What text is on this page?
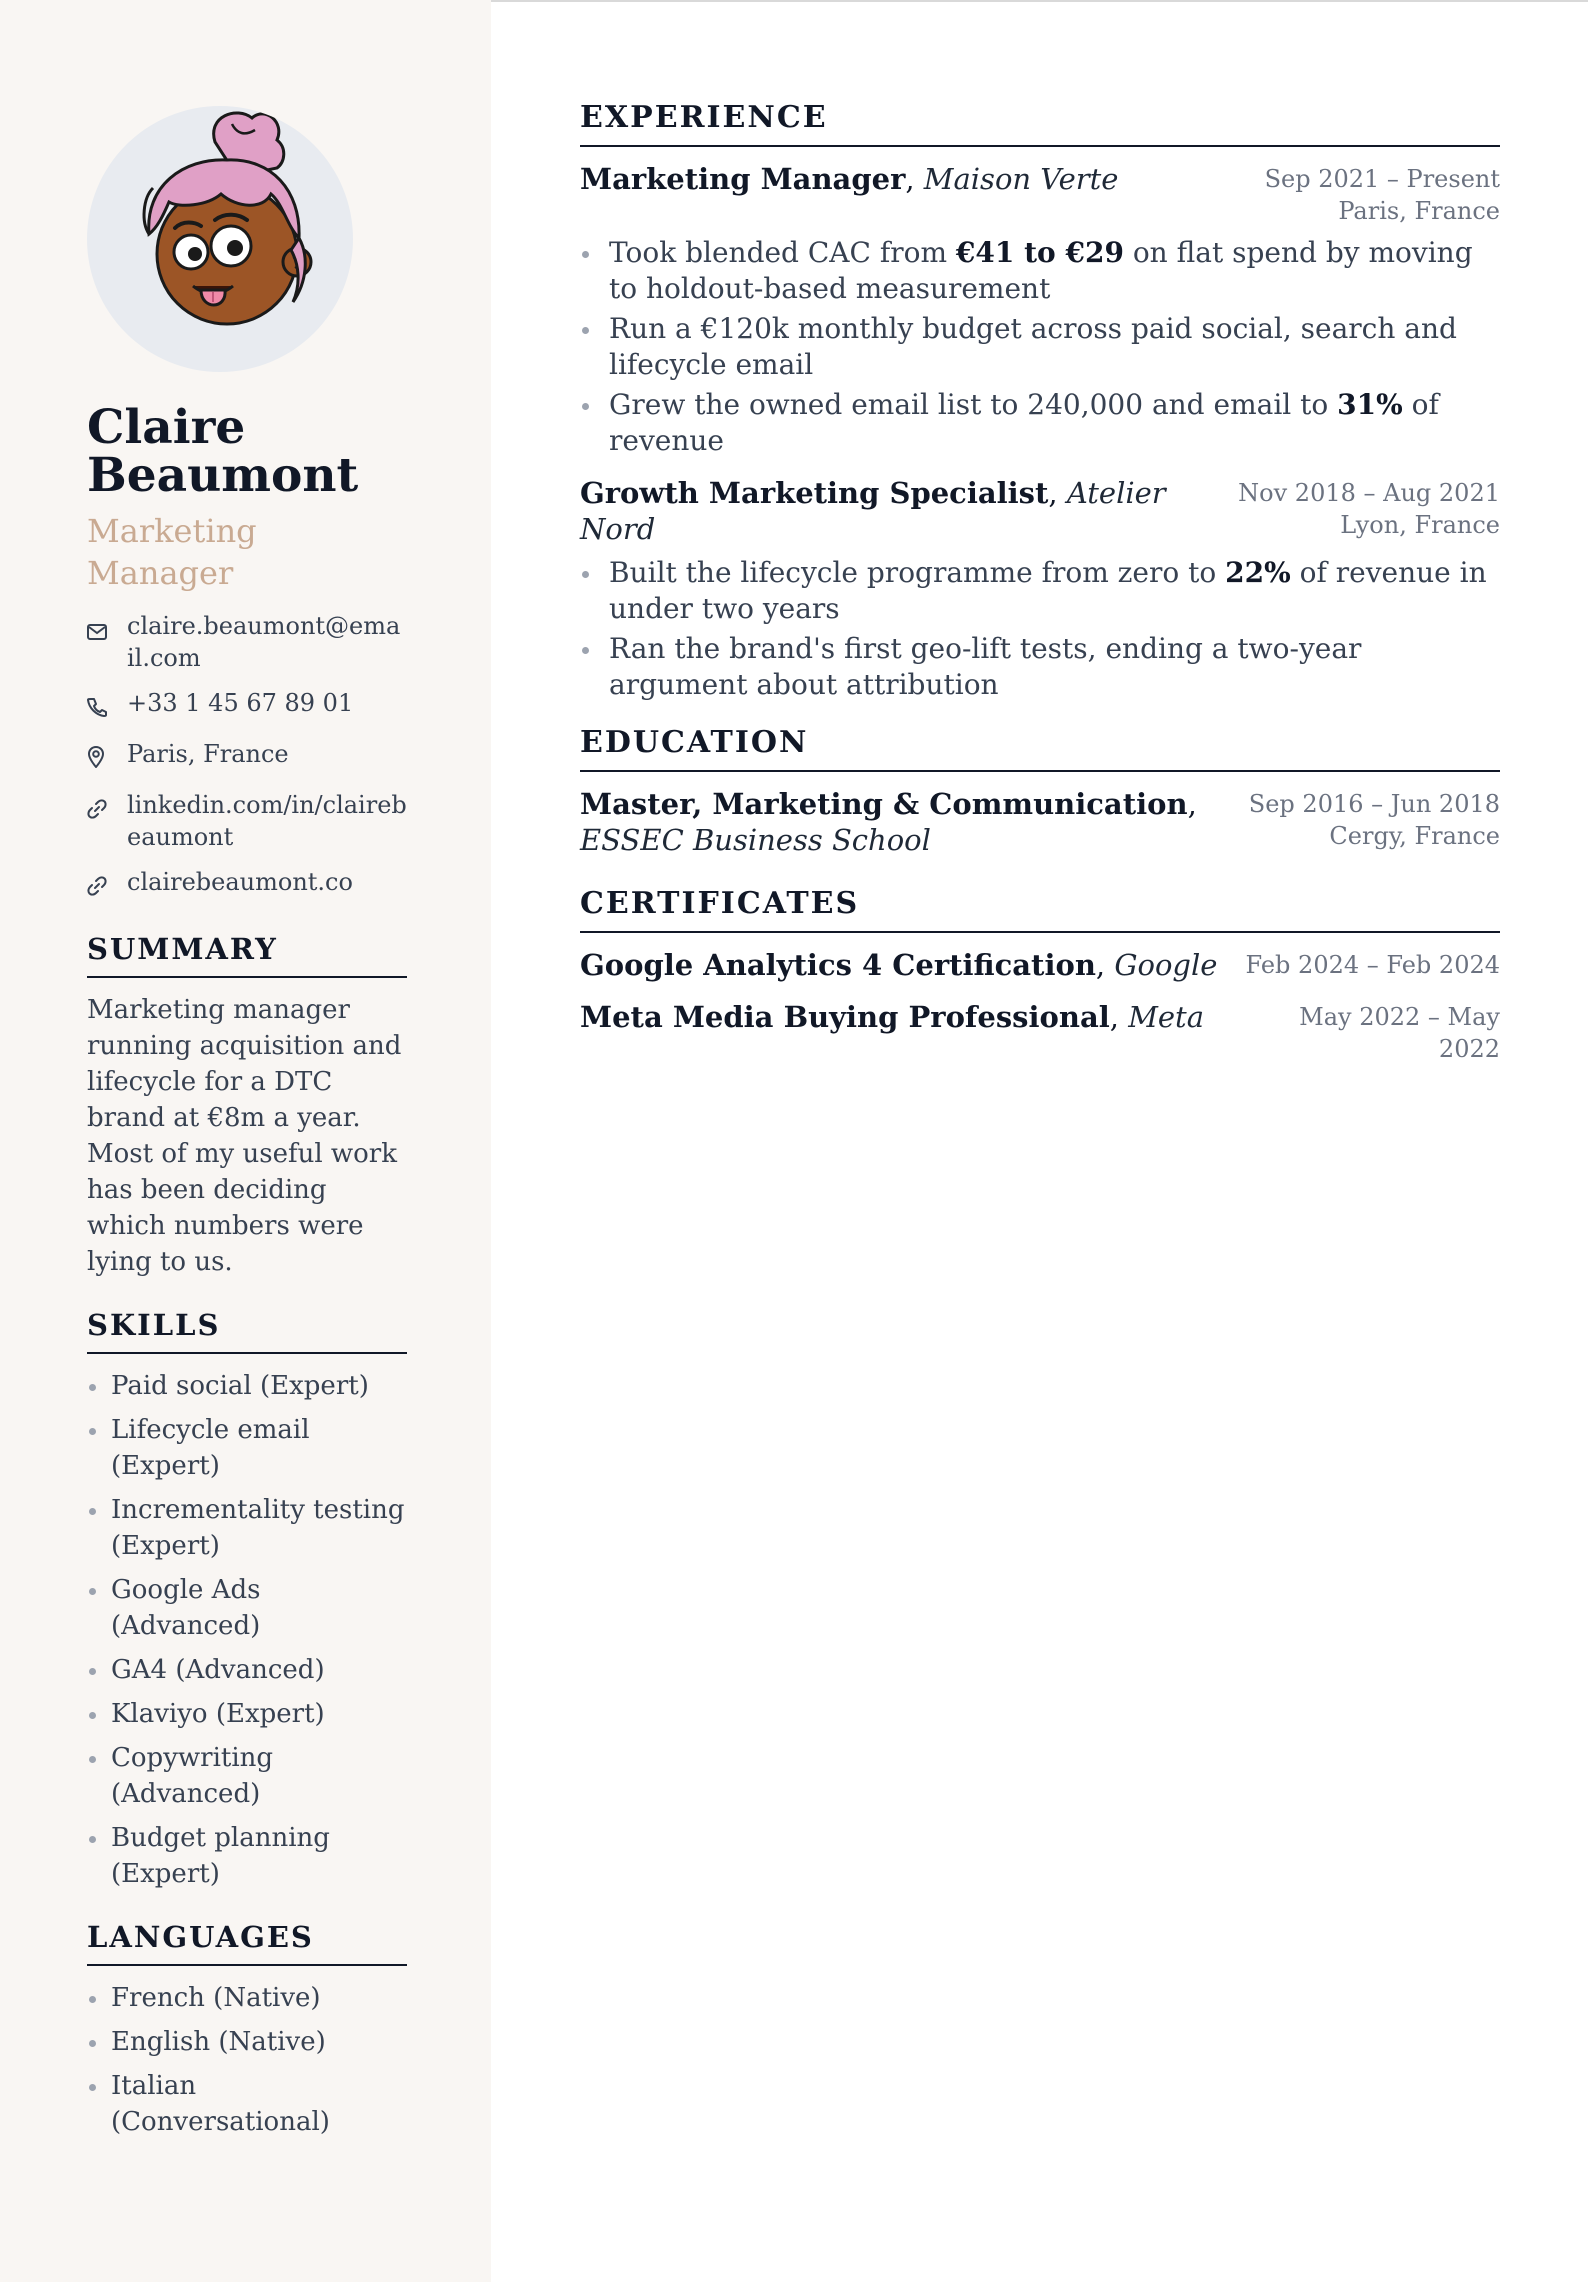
Claire
Beaumont
Marketing
Manager
claire.beaumont@email.com
+33 1 45 67 89 01
Paris, France
linkedin.com/in/clairebeaumont
clairebeaumont.co
SUMMARY
Marketing manager running acquisition and lifecycle for a DTC brand at €8m a year. Most of my useful work has been deciding which numbers were lying to us.
SKILLS
Paid social (Expert)
Lifecycle email (Expert)
Incrementality testing (Expert)
Google Ads (Advanced)
GA4 (Advanced)
Klaviyo (Expert)
Copywriting (Advanced)
Budget planning (Expert)
LANGUAGES
French (Native)
English (Native)
Italian (Conversational)
EXPERIENCE
Marketing Manager, Maison Verte	Sep 2021 – Present
Paris, France
Took blended CAC from €41 to €29 on flat spend by moving to holdout-based measurement
Run a €120k monthly budget across paid social, search and lifecycle email
Grew the owned email list to 240,000 and email to 31% of revenue
Growth Marketing Specialist, Atelier Nord
Nov 2018 – Aug 2021
Lyon, France
Built the lifecycle programme from zero to 22% of revenue in under two years
Ran the brand's first geo-lift tests, ending a two-year argument about attribution
EDUCATION
Master, Marketing & Communication,
ESSEC Business School
Sep 2016 – Jun 2018
Cergy, France
CERTIFICATES
Google Analytics 4 Certification, Google	Feb 2024 – Feb 2024
Meta Media Buying Professional, Meta	May 2022 – May 2022
